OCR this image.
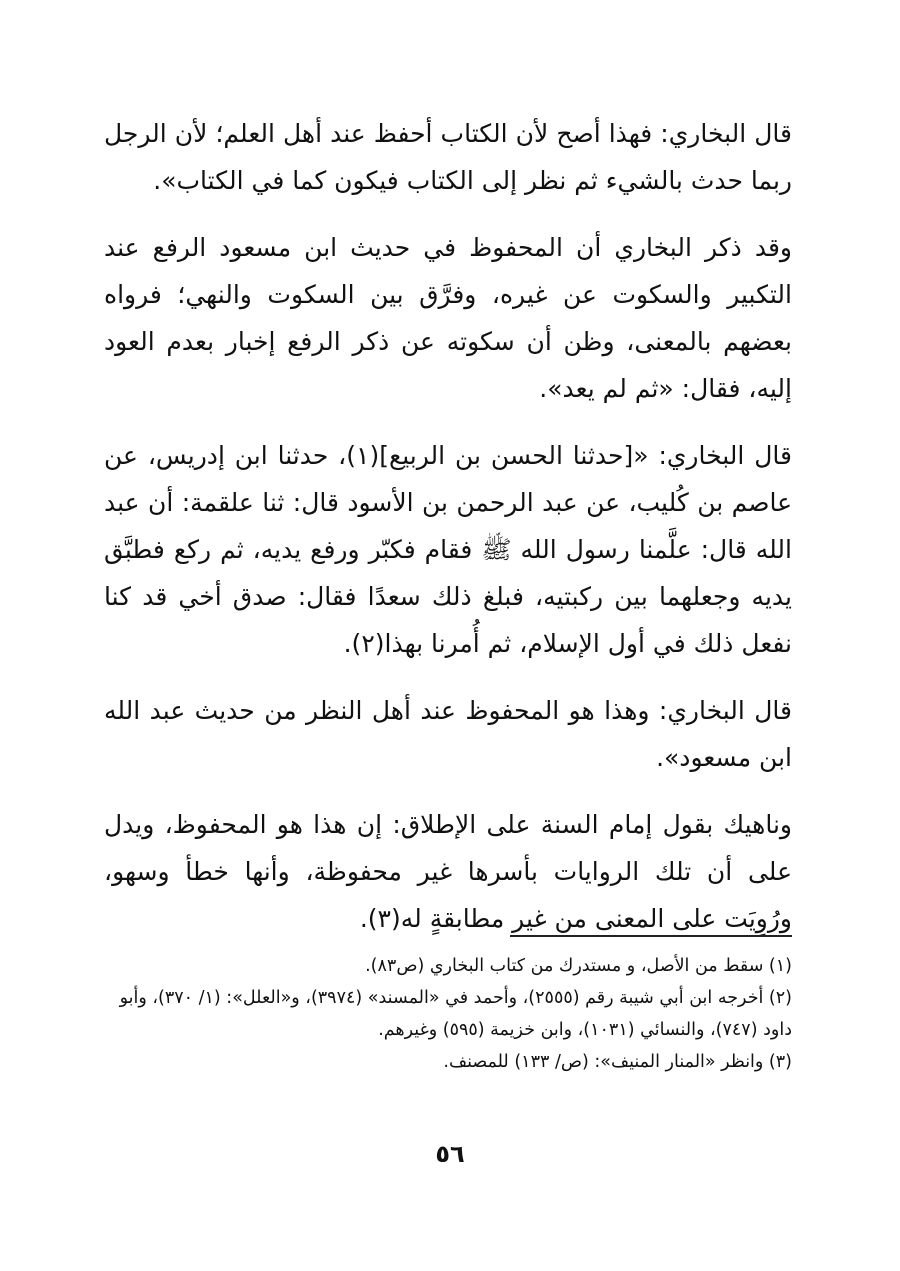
قال البخاري: فهذا أصح لأن الكتاب أحفظ عند أهل العلم؛ لأن الرجل ربما حدث بالشيء ثم نظر إلى الكتاب فيكون كما في الكتاب».

وقد ذكر البخاري أن المحفوظ في حديث ابن مسعود الرفع عند التكبير والسكوت عن غيره، وفرَّق بين السكوت والنهي؛ فرواه بعضهم بالمعنى، وظن أن سكوته عن ذكر الرفع إخبار بعدم العود إليه، فقال: «ثم لم يعد».

قال البخاري: «[حدثنا الحسن بن الربيع](١)، حدثنا ابن إدريس، عن عاصم بن كُليب، عن عبد الرحمن بن الأسود قال: ثنا علقمة: أن عبد الله قال: علَّمنا رسول الله ﷺ فقام فكبّر ورفع يديه، ثم ركع فطبَّق يديه وجعلهما بين ركبتيه، فبلغ ذلك سعدًا فقال: صدق أخي قد كنا نفعل ذلك في أول الإسلام، ثم أُمرنا بهذا(٢).

قال البخاري: وهذا هو المحفوظ عند أهل النظر من حديث عبد الله ابن مسعود».

وناهيك بقول إمام السنة على الإطلاق: إن هذا هو المحفوظ، ويدل على أن تلك الروايات بأسرها غير محفوظة، وأنها خطأ وسهو، ورُوِيَت على المعنى من غير مطابقةٍ له(٣).

(١) سقط من الأصل، و مستدرك من كتاب البخاري (ص٨٣).

(٢) أخرجه ابن أبي شيبة رقم (٢٥٥٥)، وأحمد في «المسند» (٣٩٧٤)، و«العلل»: (١/ ٣٧٠)، وأبو داود (٧٤٧)، والنسائي (١٠٣١)، وابن خزيمة (٥٩٥) وغيرهم.

(٣) وانظر «المنار المنيف»: (ص/ ١٣٣) للمصنف.

٥٦
